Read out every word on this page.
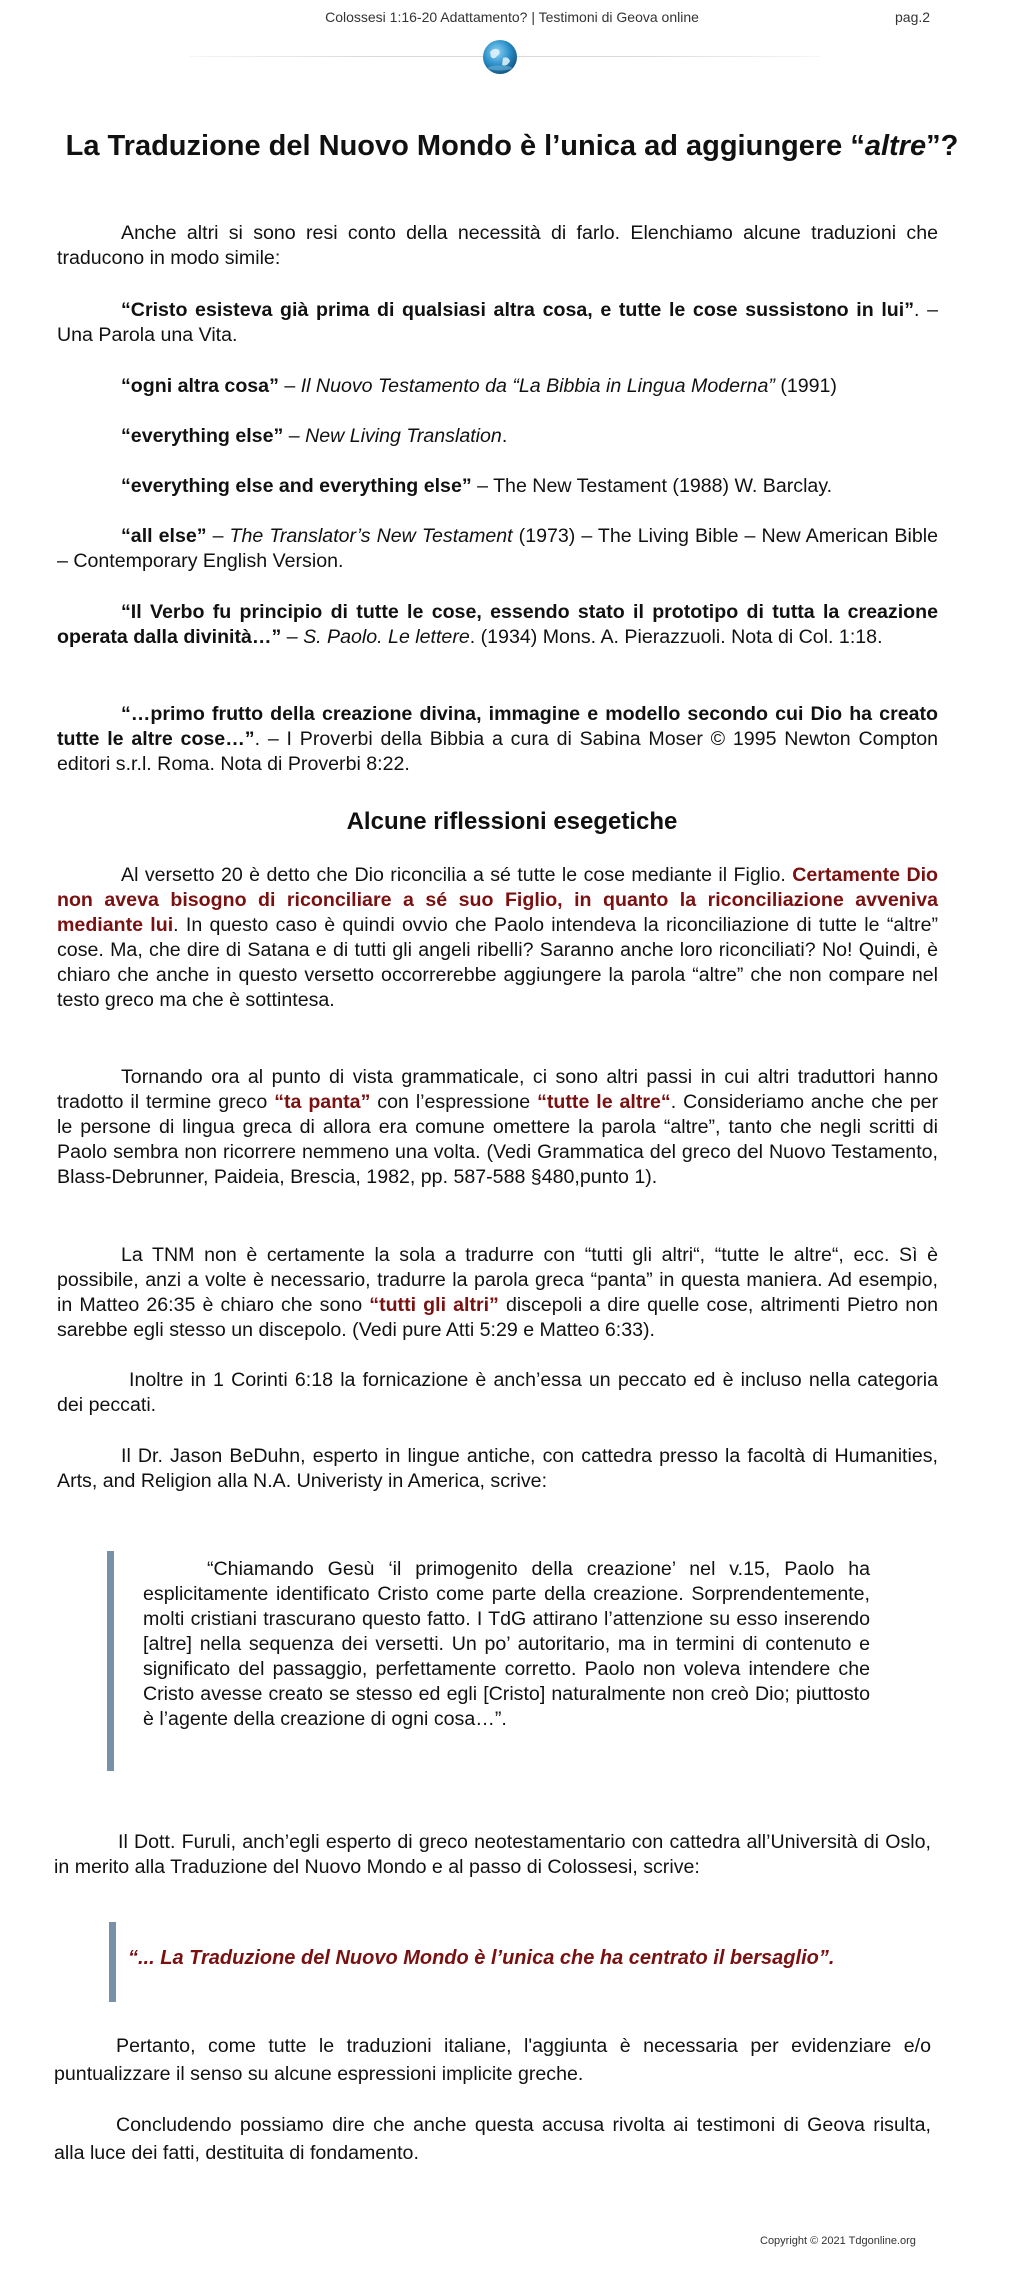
Colossesi 1:16-20 Adattamento? | Testimoni di Geova online	pag.2
La Traduzione del Nuovo Mondo è l’unica ad aggiungere “altre”?

Anche altri si sono resi conto della necessità di farlo. Elenchiamo alcune traduzioni che traducono in modo simile:

“Cristo esisteva già prima di qualsiasi altra cosa, e tutte le cose sussistono in lui”. – Una Parola una Vita.

“ogni altra cosa” – Il Nuovo Testamento da “La Bibbia in Lingua Moderna” (1991)

“everything else” – New Living Translation.

“everything else and everything else” – The New Testament (1988) W. Barclay.

“all else” – The Translator’s New Testament (1973) – The Living Bible – New American Bible – Contemporary English Version.

“Il Verbo fu principio di tutte le cose, essendo stato il prototipo di tutta la creazione operata dalla divinità…” – S. Paolo. Le lettere. (1934) Mons. A. Pierazzuoli. Nota di Col. 1:18.

“…primo frutto della creazione divina, immagine e modello secondo cui Dio ha creato tutte le altre cose…”. – I Proverbi della Bibbia a cura di Sabina Moser © 1995 Newton Compton editori s.r.l. Roma. Nota di Proverbi 8:22.

Alcune riflessioni esegetiche

Al versetto 20 è detto che Dio riconcilia a sé tutte le cose mediante il Figlio. Certamente Dio non aveva bisogno di riconciliare a sé suo Figlio, in quanto la riconciliazione avveniva mediante lui. In questo caso è quindi ovvio che Paolo intendeva la riconciliazione di tutte le “altre” cose. Ma, che dire di Satana e di tutti gli angeli ribelli? Saranno anche loro riconciliati? No! Quindi, è chiaro che anche in questo versetto occorrerebbe aggiungere la parola “altre” che non compare nel testo greco ma che è sottintesa.

Tornando ora al punto di vista grammaticale, ci sono altri passi in cui altri traduttori hanno tradotto il termine greco “ta panta” con l’espressione “tutte le altre“. Consideriamo anche che per le persone di lingua greca di allora era comune omettere la parola “altre”, tanto che negli scritti di Paolo sembra non ricorrere nemmeno una volta. (Vedi Grammatica del greco del Nuovo Testamento, Blass-Debrunner, Paideia, Brescia, 1982, pp. 587-588 §480,punto 1).

La TNM non è certamente la sola a tradurre con “tutti gli altri“, “tutte le altre“, ecc. Sì è possibile, anzi a volte è necessario, tradurre la parola greca “panta” in questa maniera. Ad esempio, in Matteo 26:35 è chiaro che sono “tutti gli altri” discepoli a dire quelle cose, altrimenti Pietro non sarebbe egli stesso un discepolo. (Vedi pure Atti 5:29 e Matteo 6:33).

Inoltre in 1 Corinti 6:18 la fornicazione è anch’essa un peccato ed è incluso nella categoria dei peccati.

Il Dr. Jason BeDuhn, esperto in lingue antiche, con cattedra presso la facoltà di Humanities, Arts, and Religion alla N.A. Univeristy in America, scrive:

“Chiamando Gesù ‘il primogenito della creazione’ nel v.15, Paolo ha esplicitamente identificato Cristo come parte della creazione. Sorprendentemente, molti cristiani trascurano questo fatto. I TdG attirano l’attenzione su esso inserendo [altre] nella sequenza dei versetti. Un po’ autoritario, ma in termini di contenuto e significato del passaggio, perfettamente corretto. Paolo non voleva intendere che Cristo avesse creato se stesso ed egli [Cristo] naturalmente non creò Dio; piuttosto è l’agente della creazione di ogni cosa…”.

Il Dott. Furuli, anch’egli esperto di greco neotestamentario con cattedra all’Università di Oslo, in merito alla Traduzione del Nuovo Mondo e al passo di Colossesi, scrive:

“... La Traduzione del Nuovo Mondo è l’unica che ha centrato il bersaglio”.

Pertanto, come tutte le traduzioni italiane, l'aggiunta è necessaria per evidenziare e/o puntualizzare il senso su alcune espressioni implicite greche.

Concludendo possiamo dire che anche questa accusa rivolta ai testimoni di Geova risulta, alla luce dei fatti, destituita di fondamento.

Copyright © 2021 Tdgonline.org
